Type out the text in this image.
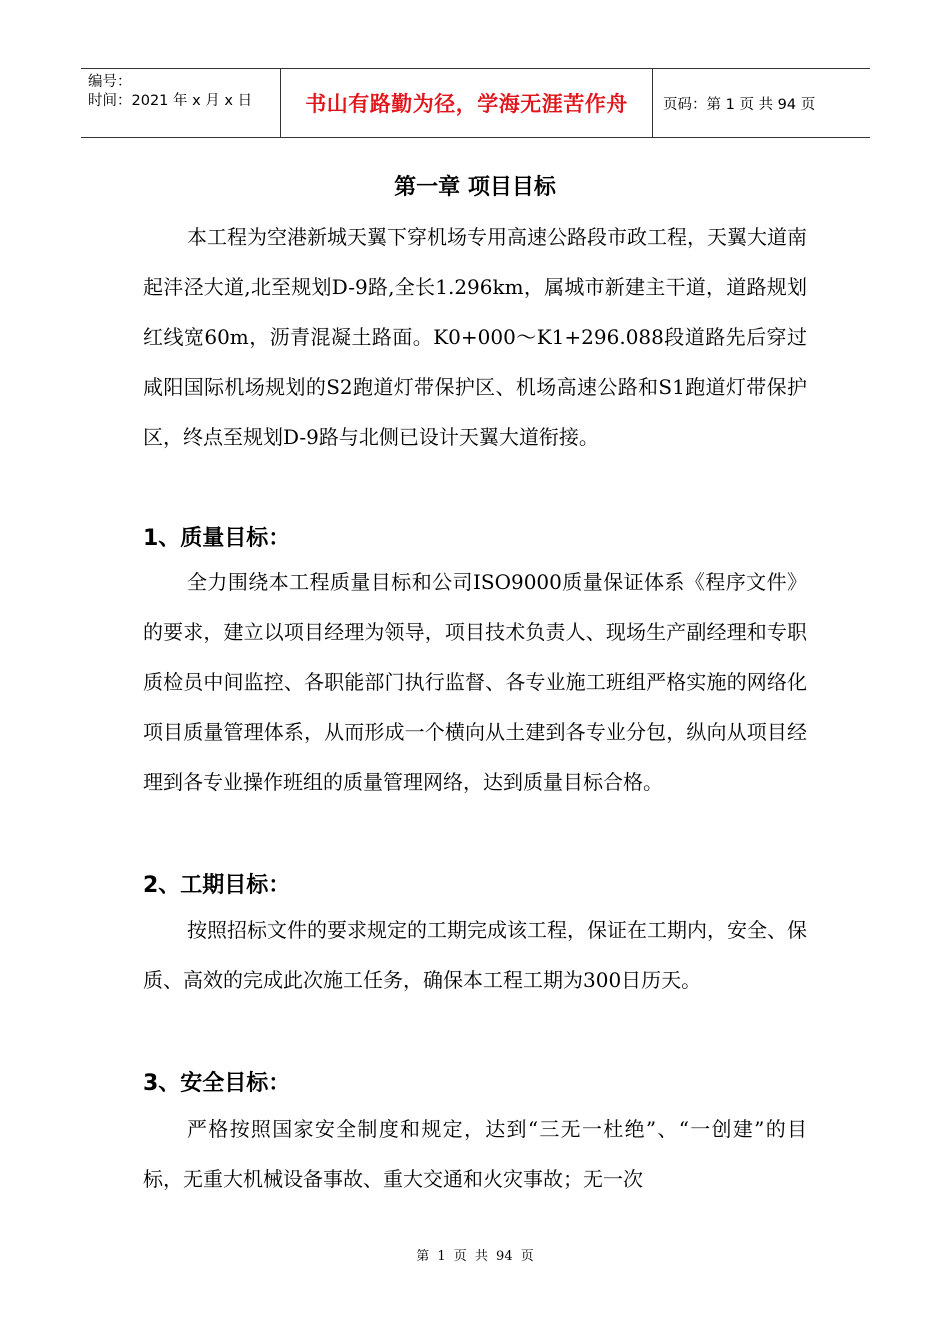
编号：
时间：2021 年 x 月 x 日	书山有路勤为径，学海无涯苦作舟 页码：第 1 页 共 94 页
第一章 项目目标

本工程为空港新城天翼下穿机场专用高速公路段市政工程，天翼大道南起沣泾大道,北至规划D-9路,全长1.296km，属城市新建主干道，道路规划红线宽60m，沥青混凝土路面。K0+000～K1+296.088段道路先后穿过咸阳国际机场规划的S2跑道灯带保护区、机场高速公路和S1跑道灯带保护区，终点至规划D-9路与北侧已设计天翼大道衔接。

1、质量目标：

全力围绕本工程质量目标和公司ISO9000质量保证体系《程序文件》的要求，建立以项目经理为领导，项目技术负责人、现场生产副经理和专职质检员中间监控、各职能部门执行监督、各专业施工班组严格实施的网络化项目质量管理体系，从而形成一个横向从土建到各专业分包，纵向从项目经理到各专业操作班组的质量管理网络，达到质量目标合格。

2、工期目标：

按照招标文件的要求规定的工期完成该工程，保证在工期内，安全、保质、高效的完成此次施工任务，确保本工程工期为300日历天。

3、安全目标：

严格按照国家安全制度和规定，达到“三无一杜绝”、“一创建”的目标，无重大机械设备事故、重大交通和火灾事故；无一次

第 1 页 共 94 页
